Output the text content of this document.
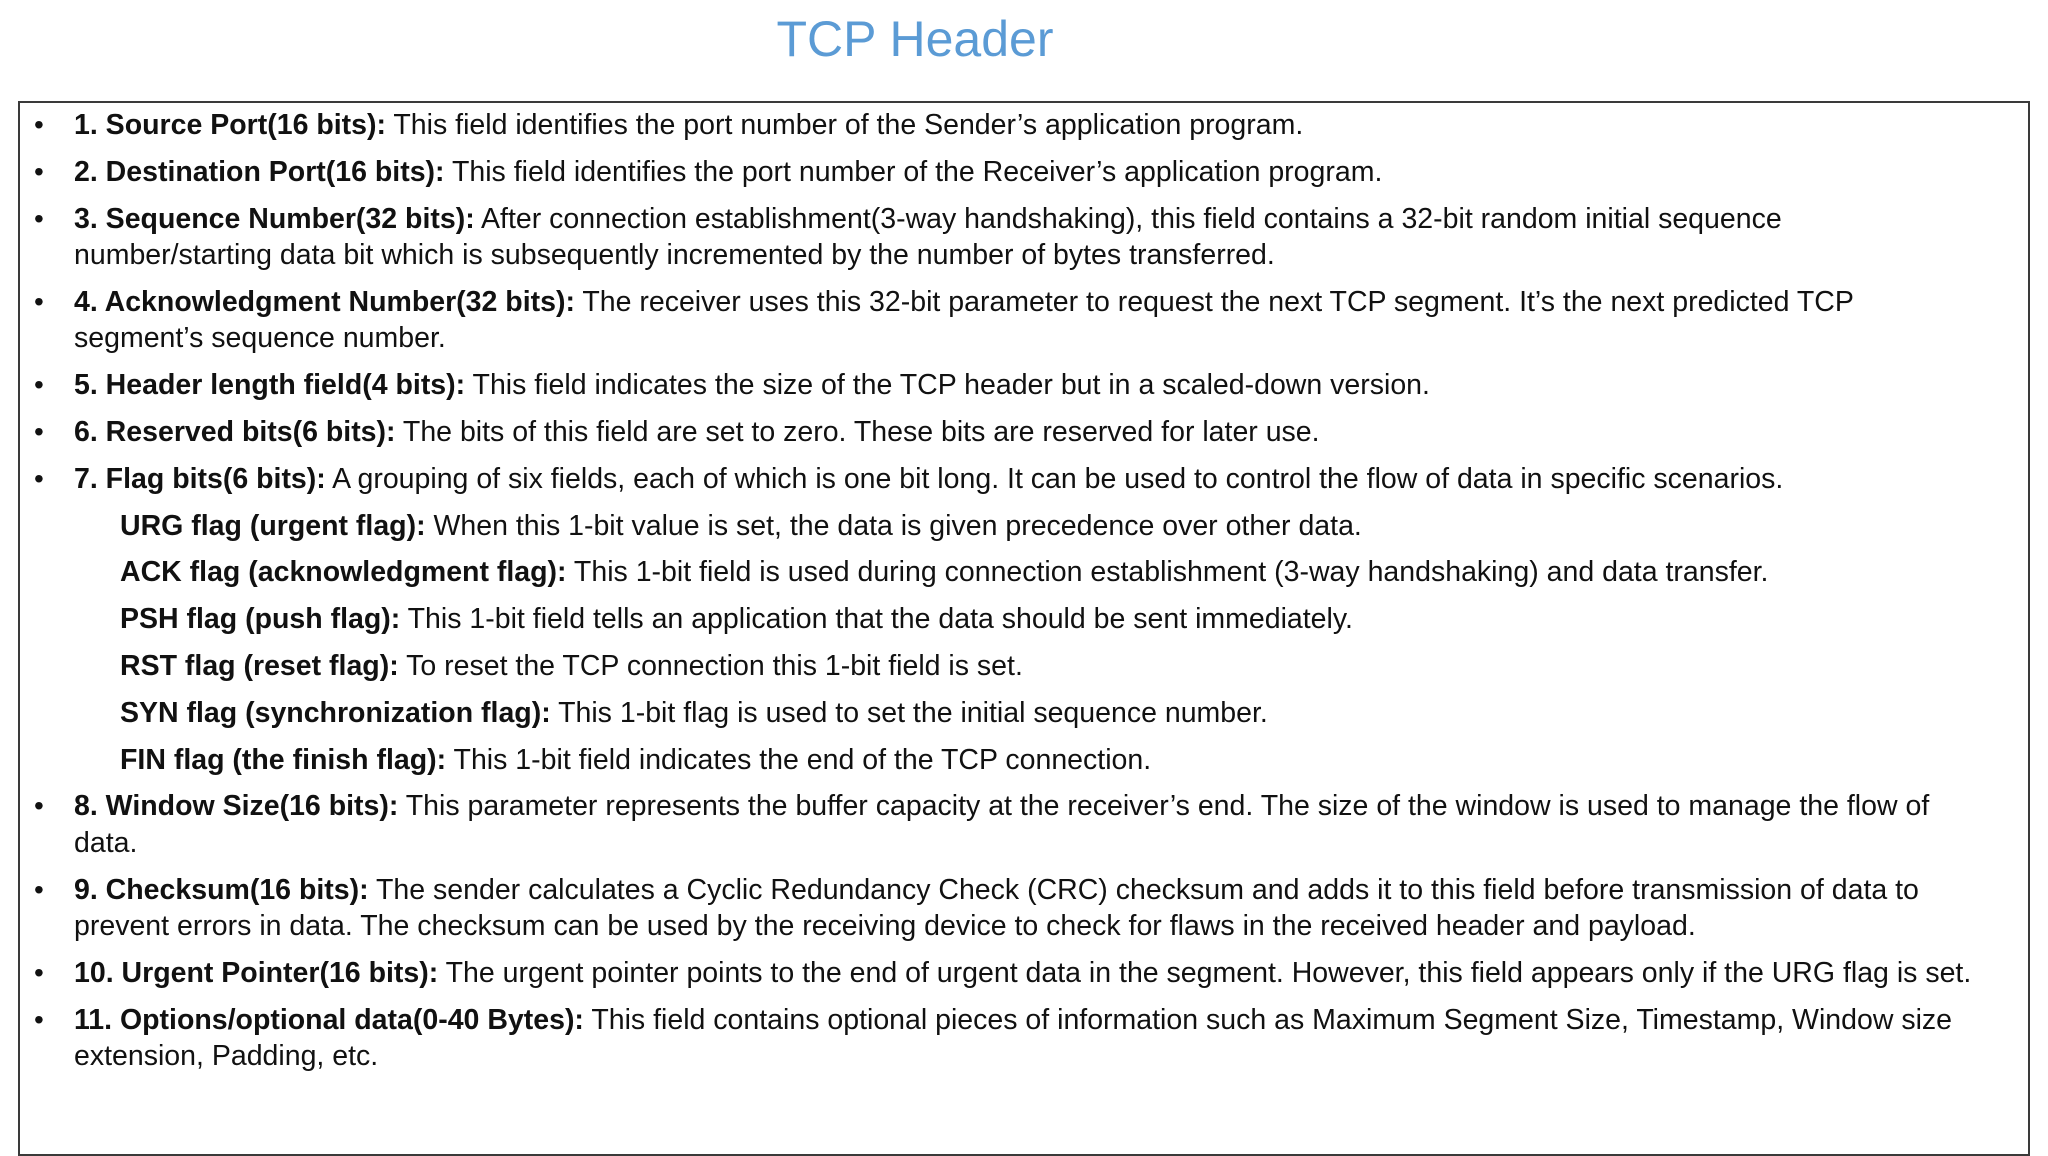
TCP Header
• 1. Source Port(16 bits): This field identifies the port number of the Sender’s application program.
• 2. Destination Port(16 bits): This field identifies the port number of the Receiver’s application program.
• 3. Sequence Number(32 bits): After connection establishment(3-way handshaking), this field contains a 32-bit random initial sequence number/starting data bit which is subsequently incremented by the number of bytes transferred.
• 4. Acknowledgment Number(32 bits): The receiver uses this 32-bit parameter to request the next TCP segment. It’s the next predicted TCP segment’s sequence number.
• 5. Header length field(4 bits): This field indicates the size of the TCP header but in a scaled-down version.
• 6. Reserved bits(6 bits): The bits of this field are set to zero. These bits are reserved for later use.
• 7. Flag bits(6 bits): A grouping of six fields, each of which is one bit long. It can be used to control the flow of data in specific scenarios.
URG flag (urgent flag): When this 1-bit value is set, the data is given precedence over other data.
ACK flag (acknowledgment flag): This 1-bit field is used during connection establishment (3-way handshaking) and data transfer.
PSH flag (push flag): This 1-bit field tells an application that the data should be sent immediately.
RST flag (reset flag): To reset the TCP connection this 1-bit field is set.
SYN flag (synchronization flag): This 1-bit flag is used to set the initial sequence number.
FIN flag (the finish flag): This 1-bit field indicates the end of the TCP connection.
• 8. Window Size(16 bits): This parameter represents the buffer capacity at the receiver’s end. The size of the window is used to manage the flow of data.
• 9. Checksum(16 bits): The sender calculates a Cyclic Redundancy Check (CRC) checksum and adds it to this field before transmission of data to prevent errors in data. The checksum can be used by the receiving device to check for flaws in the received header and payload.
• 10. Urgent Pointer(16 bits): The urgent pointer points to the end of urgent data in the segment. However, this field appears only if the URG flag is set.
• 11. Options/optional data(0-40 Bytes): This field contains optional pieces of information such as Maximum Segment Size, Timestamp, Window size extension, Padding, etc.
